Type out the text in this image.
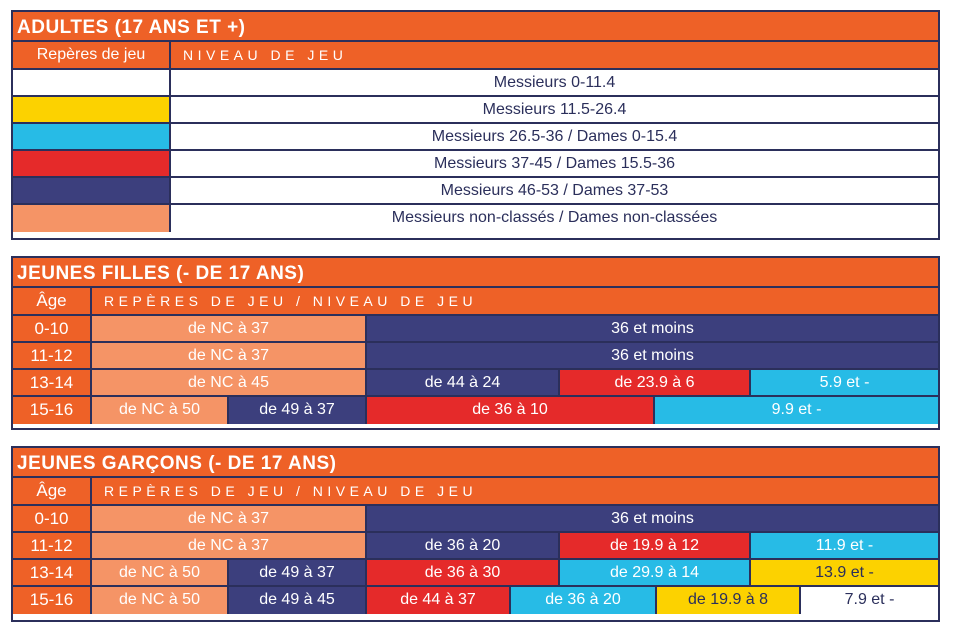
ADULTES (17 ANS ET +)
Repères de jeu	NIVEAU DE JEU
Messieurs 0-11.4
Messieurs 11.5-26.4
Messieurs 26.5-36 / Dames 0-15.4
Messieurs 37-45 / Dames 15.5-36
Messieurs 46-53 / Dames 37-53
Messieurs non-classés / Dames non-classées
JEUNES FILLES (- DE 17 ANS)
Âge	REPÈRES DE JEU / NIVEAU DE JEU
0-10	de NC à 37	36 et moins
11-12	de NC à 37	36 et moins
13-14	de NC à 45	de 44 à 24	de 23.9 à 6	5.9 et -
15-16	de NC à 50	de 49 à 37	de 36 à 10	9.9 et -
JEUNES GARÇONS (- DE 17 ANS)
Âge	REPÈRES DE JEU / NIVEAU DE JEU
0-10	de NC à 37	36 et moins
11-12	de NC à 37	de 36 à 20	de 19.9 à 12	11.9 et -
13-14	de NC à 50	de 49 à 37	de 36 à 30	de 29.9 à 14	13.9 et -
15-16	de NC à 50	de 49 à 45	de 44 à 37	de 36 à 20	de 19.9 à 8	7.9 et -
